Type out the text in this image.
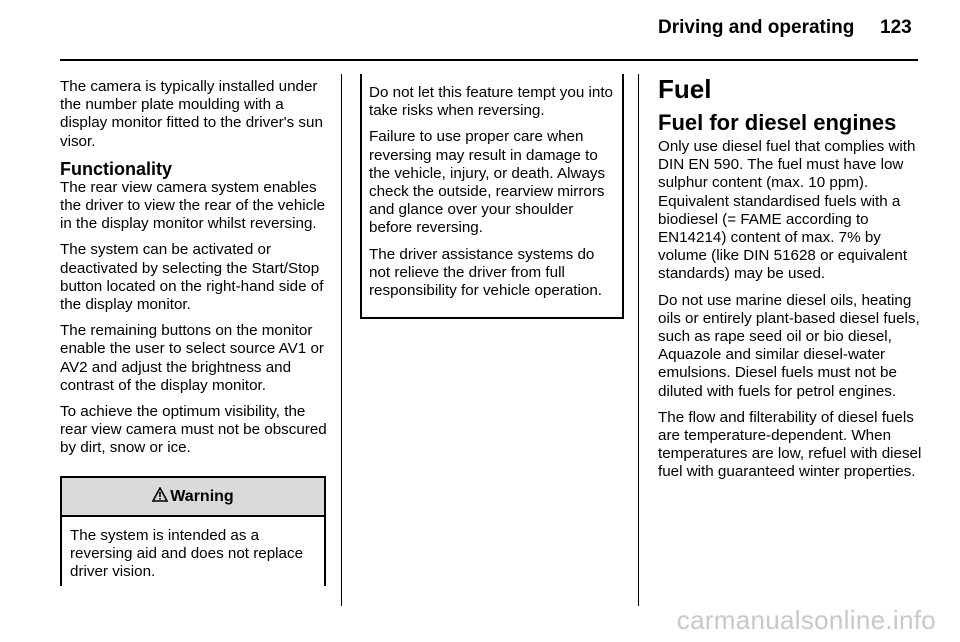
Driving and operating 123

The camera is typically installed under the number plate moulding with a display monitor fitted to the driver's sun visor.

Functionality

The rear view camera system enables the driver to view the rear of the vehicle in the display monitor whilst reversing.

The system can be activated or deactivated by selecting the Start/Stop button located on the right-hand side of the display monitor.

The remaining buttons on the monitor enable the user to select source AV1 or AV2 and adjust the brightness and contrast of the display monitor.

To achieve the optimum visibility, the rear view camera must not be obscured by dirt, snow or ice.

Warning
The system is intended as a reversing aid and does not replace driver vision.

Do not let this feature tempt you into take risks when reversing.

Failure to use proper care when reversing may result in damage to the vehicle, injury, or death. Always check the outside, rearview mirrors and glance over your shoulder before reversing.

The driver assistance systems do not relieve the driver from full responsibility for vehicle operation.

Fuel
Fuel for diesel engines

Only use diesel fuel that complies with DIN EN 590. The fuel must have low sulphur content (max. 10 ppm). Equivalent standardised fuels with a biodiesel (= FAME according to EN14214) content of max. 7% by volume (like DIN 51628 or equivalent standards) may be used.

Do not use marine diesel oils, heating oils or entirely plant-based diesel fuels, such as rape seed oil or bio diesel, Aquazole and similar diesel-water emulsions. Diesel fuels must not be diluted with fuels for petrol engines.

The flow and filterability of diesel fuels are temperature-dependent. When temperatures are low, refuel with diesel fuel with guaranteed winter properties.

carmanualsonline.info
